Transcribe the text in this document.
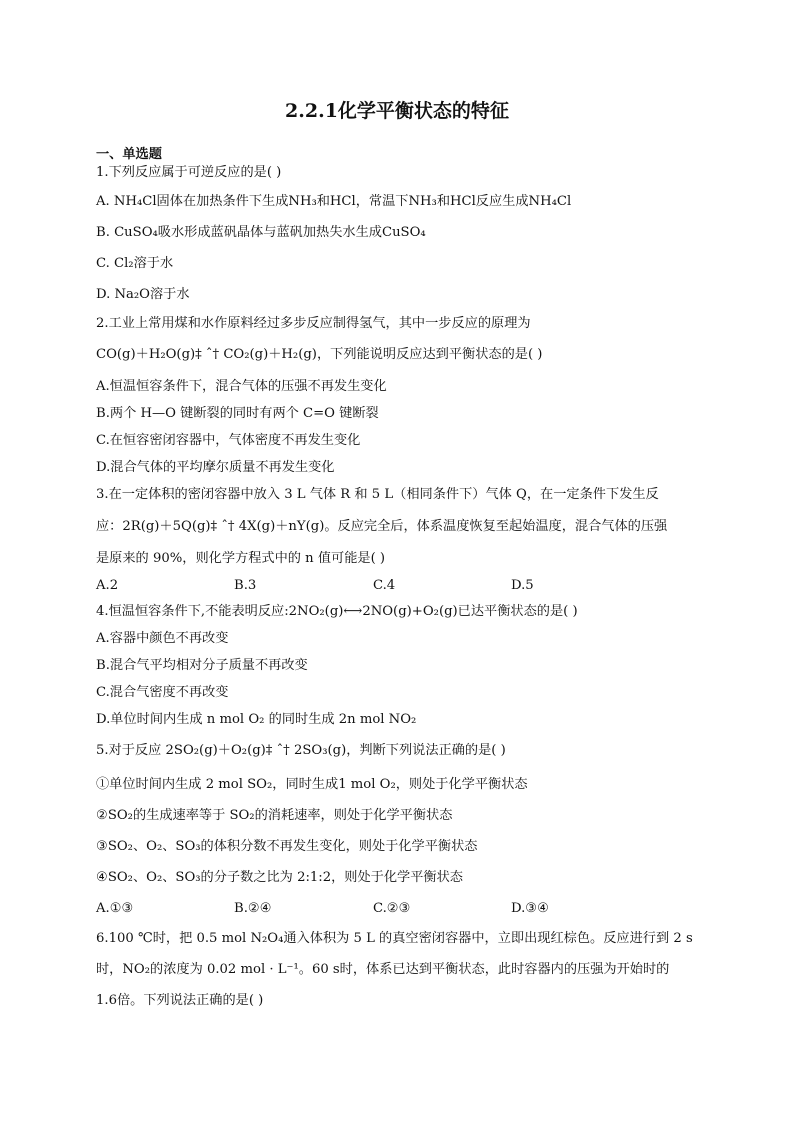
2.2.1化学平衡状态的特征
一、单选题
1.下列反应属于可逆反应的是( )
A. NH₄Cl固体在加热条件下生成NH₃和HCl，常温下NH₃和HCl反应生成NH₄Cl
B. CuSO₄吸水形成蓝矾晶体与蓝矾加热失水生成CuSO₄
C. Cl₂溶于水
D. Na₂O溶于水
2.工业上常用煤和水作原料经过多步反应制得氢气，其中一步反应的原理为
CO(g)＋H₂O(g)‡ ˆ† CO₂(g)＋H₂(g)，下列能说明反应达到平衡状态的是( )
A.恒温恒容条件下，混合气体的压强不再发生变化
B.两个 H—O 键断裂的同时有两个 C=O 键断裂
C.在恒容密闭容器中，气体密度不再发生变化
D.混合气体的平均摩尔质量不再发生变化
3.在一定体积的密闭容器中放入 3 L 气体 R 和 5 L（相同条件下）气体 Q，在一定条件下发生反
应：2R(g)＋5Q(g)‡ ˆ† 4X(g)＋nY(g)。反应完全后，体系温度恢复至起始温度，混合气体的压强
是原来的 90%，则化学方程式中的 n 值可能是( )
A.2	B.3	C.4	D.5
4.恒温恒容条件下,不能表明反应:2NO₂(g)⟷2NO(g)+O₂(g)已达平衡状态的是( )
A.容器中颜色不再改变
B.混合气平均相对分子质量不再改变
C.混合气密度不再改变
D.单位时间内生成 n mol O₂ 的同时生成 2n mol NO₂
5.对于反应 2SO₂(g)＋O₂(g)‡ ˆ† 2SO₃(g)，判断下列说法正确的是( )
①单位时间内生成 2 mol SO₂，同时生成1 mol O₂，则处于化学平衡状态
②SO₂的生成速率等于 SO₂的消耗速率，则处于化学平衡状态
③SO₂、O₂、SO₃的体积分数不再发生变化，则处于化学平衡状态
④SO₂、O₂、SO₃的分子数之比为 2:1:2，则处于化学平衡状态
A.①③	B.②④	C.②③	D.③④
6.100 ℃时，把 0.5 mol N₂O₄通入体积为 5 L 的真空密闭容器中，立即出现红棕色。反应进行到 2 s
时，NO₂的浓度为 0.02 mol · L⁻¹。60 s时，体系已达到平衡状态，此时容器内的压强为开始时的
1.6倍。下列说法正确的是( )
